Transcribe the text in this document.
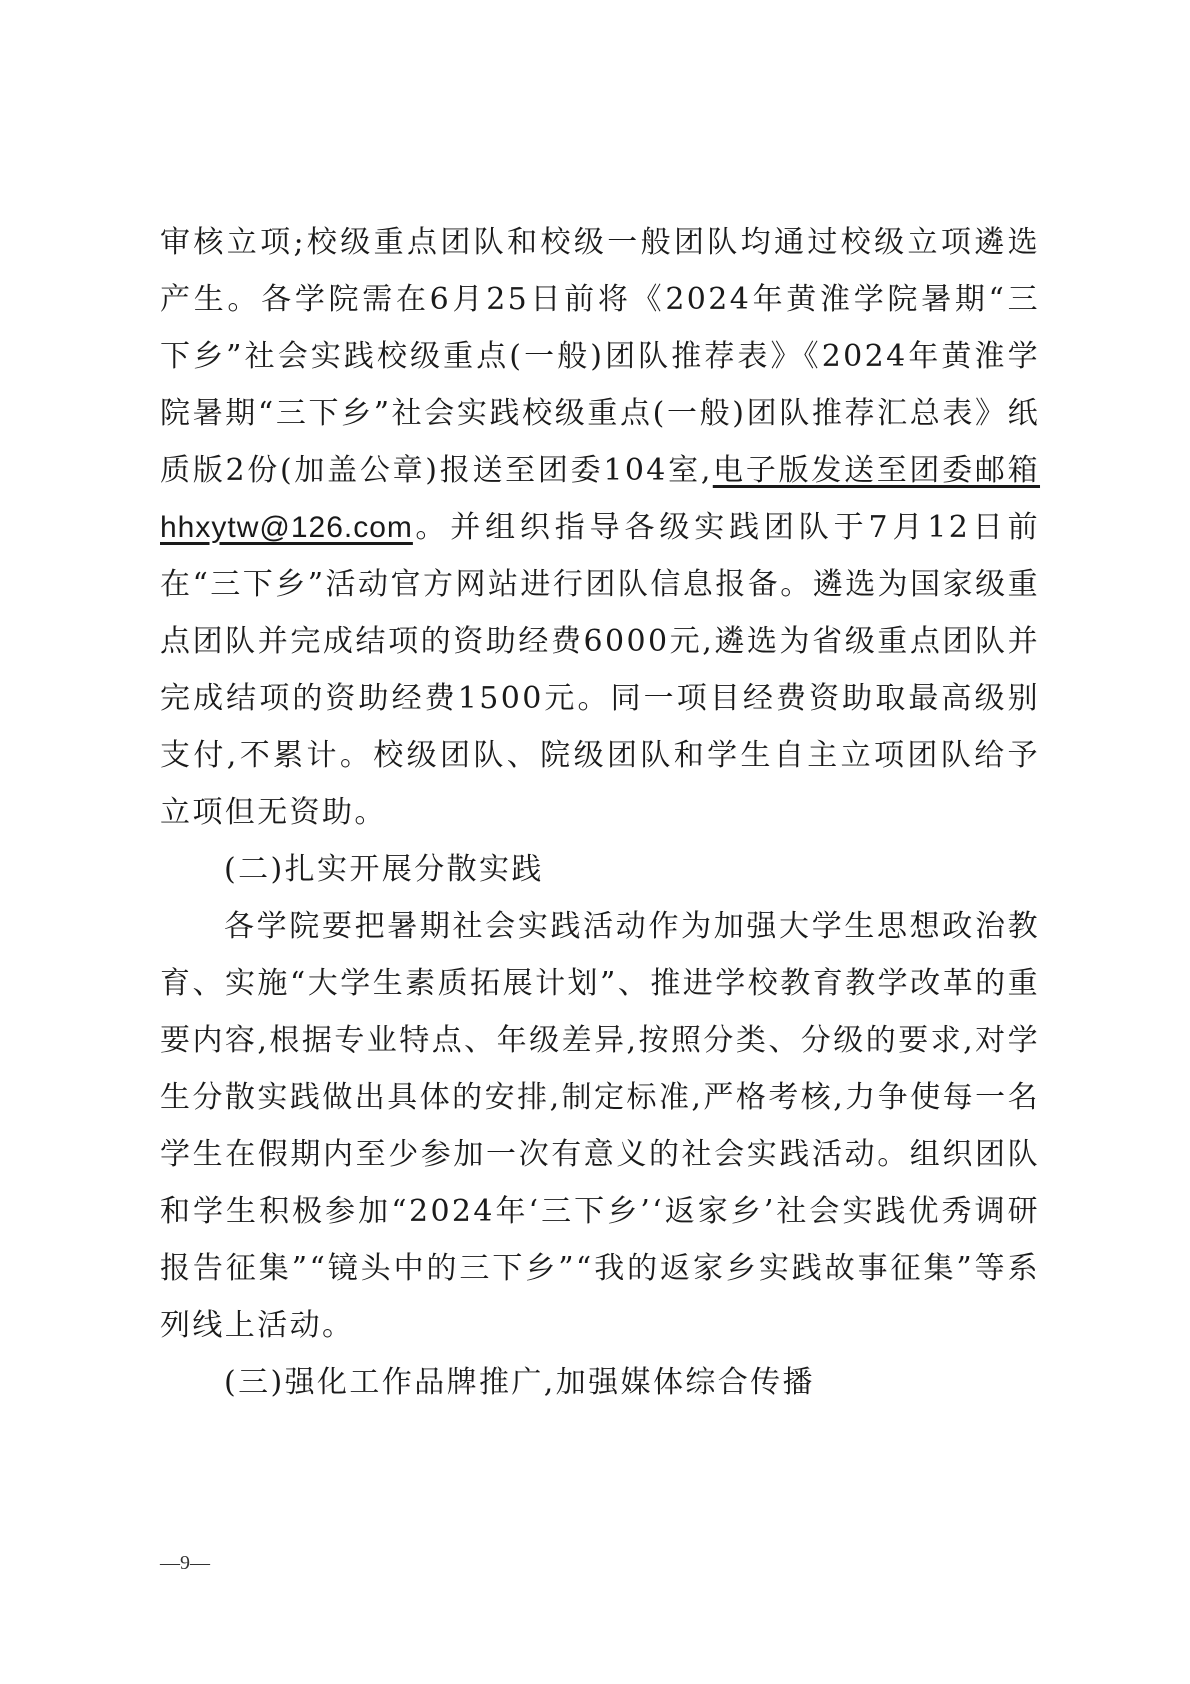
审核立项;校级重点团队和校级一般团队均通过校级立项遴选产生。各学院需在6月25日前将《2024年黄淮学院暑期“三下乡”社会实践校级重点(一般)团队推荐表》《2024年黄淮学院暑期“三下乡”社会实践校级重点(一般)团队推荐汇总表》纸质版2份(加盖公章)报送至团委104室,电子版发送至团委邮箱hhxytw@126.com。并组织指导各级实践团队于7月12日前在“三下乡”活动官方网站进行团队信息报备。遴选为国家级重点团队并完成结项的资助经费6000元,遴选为省级重点团队并完成结项的资助经费1500元。同一项目经费资助取最高级别支付,不累计。校级团队、院级团队和学生自主立项团队给予立项但无资助。

(二)扎实开展分散实践

各学院要把暑期社会实践活动作为加强大学生思想政治教育、实施“大学生素质拓展计划”、推进学校教育教学改革的重要内容,根据专业特点、年级差异,按照分类、分级的要求,对学生分散实践做出具体的安排,制定标准,严格考核,力争使每一名学生在假期内至少参加一次有意义的社会实践活动。组织团队和学生积极参加“2024年‘三下乡’‘返家乡’社会实践优秀调研报告征集”“镜头中的三下乡”“我的返家乡实践故事征集”等系列线上活动。

(三)强化工作品牌推广,加强媒体综合传播

—9—
